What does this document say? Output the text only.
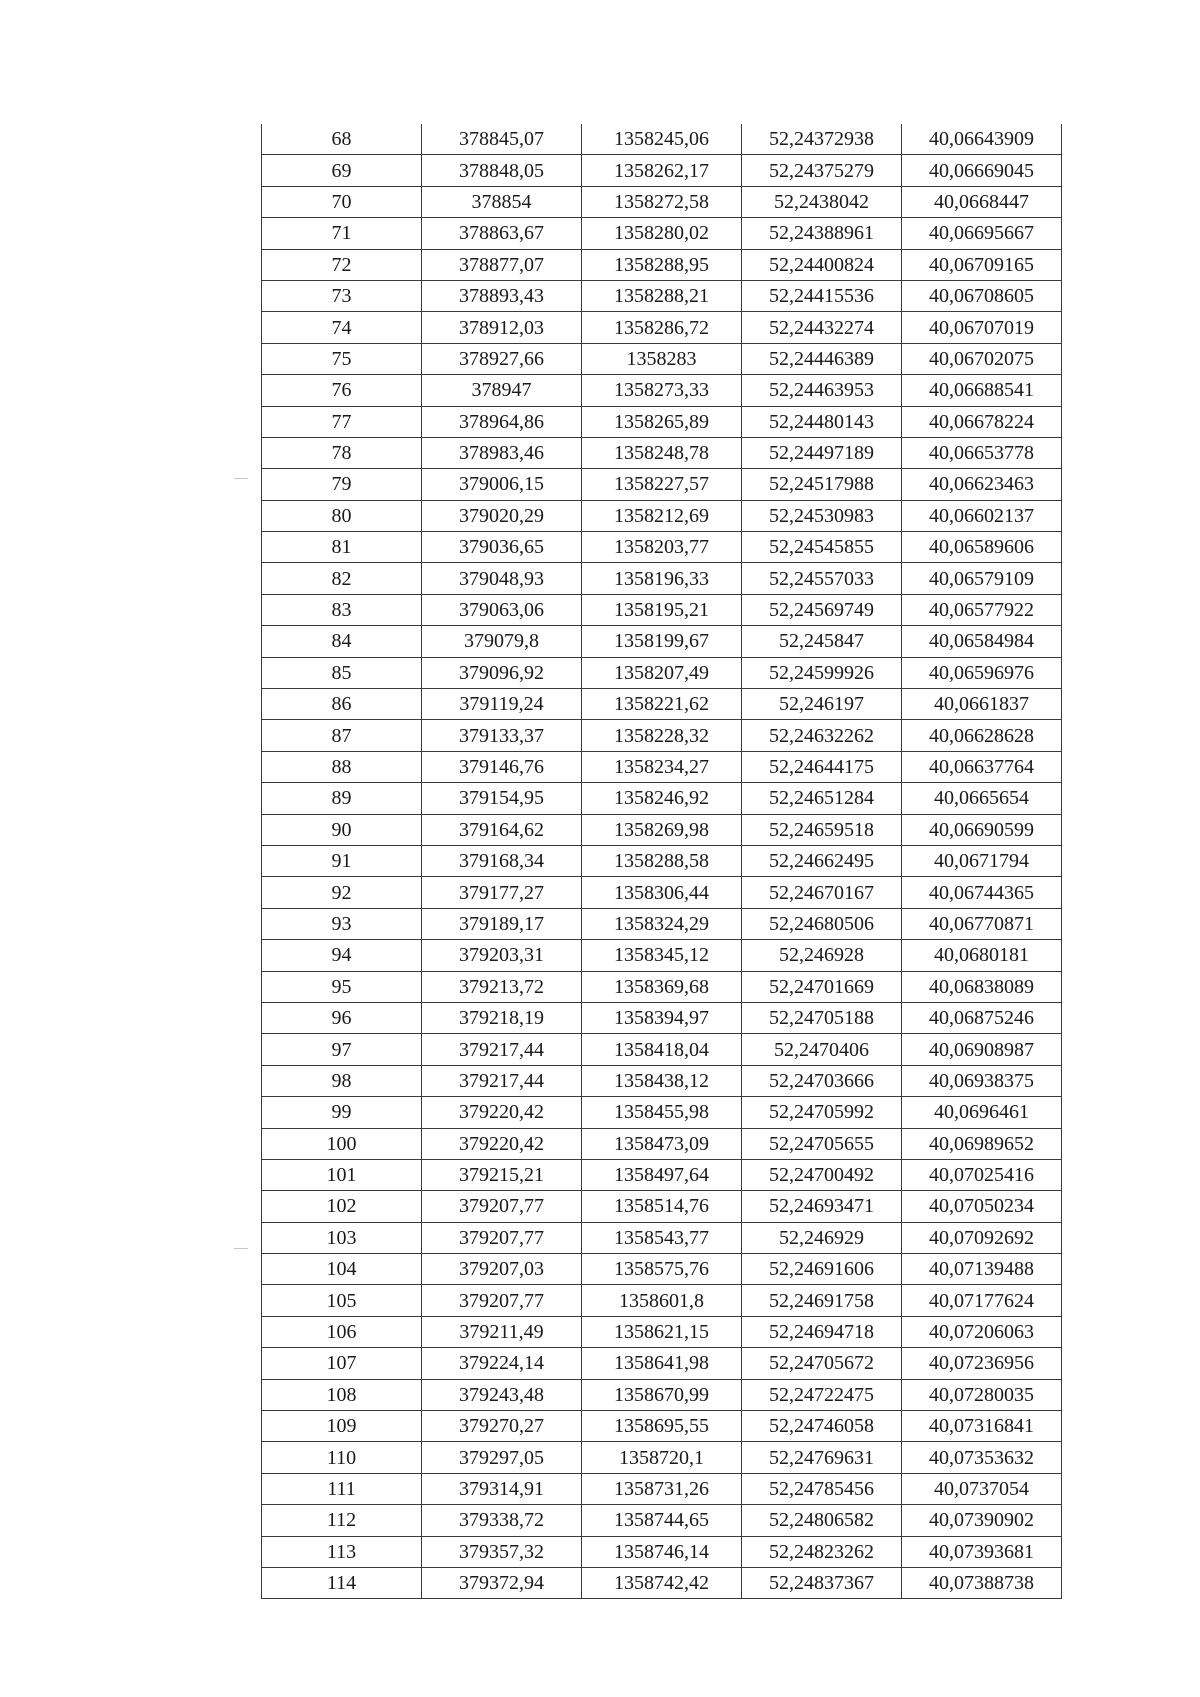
68	378845,07	1358245,06	52,24372938	40,06643909
69	378848,05	1358262,17	52,24375279	40,06669045
70	378854	1358272,58	52,2438042	40,0668447
71	378863,67	1358280,02	52,24388961	40,06695667
72	378877,07	1358288,95	52,24400824	40,06709165
73	378893,43	1358288,21	52,24415536	40,06708605
74	378912,03	1358286,72	52,24432274	40,06707019
75	378927,66	1358283	52,24446389	40,06702075
76	378947	1358273,33	52,24463953	40,06688541
77	378964,86	1358265,89	52,24480143	40,06678224
78	378983,46	1358248,78	52,24497189	40,06653778
79	379006,15	1358227,57	52,24517988	40,06623463
80	379020,29	1358212,69	52,24530983	40,06602137
81	379036,65	1358203,77	52,24545855	40,06589606
82	379048,93	1358196,33	52,24557033	40,06579109
83	379063,06	1358195,21	52,24569749	40,06577922
84	379079,8	1358199,67	52,245847	40,06584984
85	379096,92	1358207,49	52,24599926	40,06596976
86	379119,24	1358221,62	52,246197	40,0661837
87	379133,37	1358228,32	52,24632262	40,06628628
88	379146,76	1358234,27	52,24644175	40,06637764
89	379154,95	1358246,92	52,24651284	40,0665654
90	379164,62	1358269,98	52,24659518	40,06690599
91	379168,34	1358288,58	52,24662495	40,0671794
92	379177,27	1358306,44	52,24670167	40,06744365
93	379189,17	1358324,29	52,24680506	40,06770871
94	379203,31	1358345,12	52,246928	40,0680181
95	379213,72	1358369,68	52,24701669	40,06838089
96	379218,19	1358394,97	52,24705188	40,06875246
97	379217,44	1358418,04	52,2470406	40,06908987
98	379217,44	1358438,12	52,24703666	40,06938375
99	379220,42	1358455,98	52,24705992	40,0696461
100	379220,42	1358473,09	52,24705655	40,06989652
101	379215,21	1358497,64	52,24700492	40,07025416
102	379207,77	1358514,76	52,24693471	40,07050234
103	379207,77	1358543,77	52,246929	40,07092692
104	379207,03	1358575,76	52,24691606	40,07139488
105	379207,77	1358601,8	52,24691758	40,07177624
106	379211,49	1358621,15	52,24694718	40,07206063
107	379224,14	1358641,98	52,24705672	40,07236956
108	379243,48	1358670,99	52,24722475	40,07280035
109	379270,27	1358695,55	52,24746058	40,07316841
110	379297,05	1358720,1	52,24769631	40,07353632
111	379314,91	1358731,26	52,24785456	40,0737054
112	379338,72	1358744,65	52,24806582	40,07390902
113	379357,32	1358746,14	52,24823262	40,07393681
114	379372,94	1358742,42	52,24837367	40,07388738
